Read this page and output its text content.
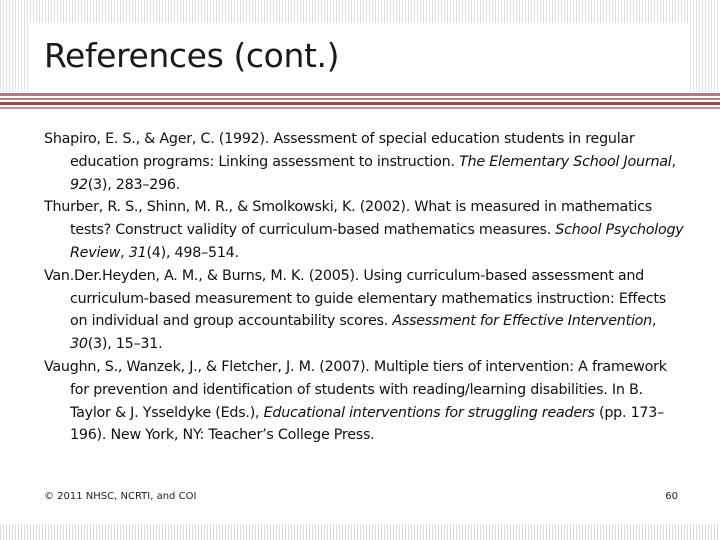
References (cont.)
Shapiro, E. S., & Ager, C. (1992). Assessment of special education students in regular education programs: Linking assessment to instruction. The Elementary School Journal, 92(3), 283–296.
Thurber, R. S., Shinn, M. R., & Smolkowski, K. (2002). What is measured in mathematics tests? Construct validity of curriculum-based mathematics measures. School Psychology Review, 31(4), 498–514.
Van.Der.Heyden, A. M., & Burns, M. K. (2005). Using curriculum-based assessment and curriculum-based measurement to guide elementary mathematics instruction: Effects on individual and group accountability scores. Assessment for Effective Intervention, 30(3), 15–31.
Vaughn, S., Wanzek, J., & Fletcher, J. M. (2007). Multiple tiers of intervention: A framework for prevention and identification of students with reading/learning disabilities. In B. Taylor & J. Ysseldyke (Eds.), Educational interventions for struggling readers (pp. 173–196). New York, NY: Teacher’s College Press.
© 2011 NHSC, NCRTI, and COI	60
